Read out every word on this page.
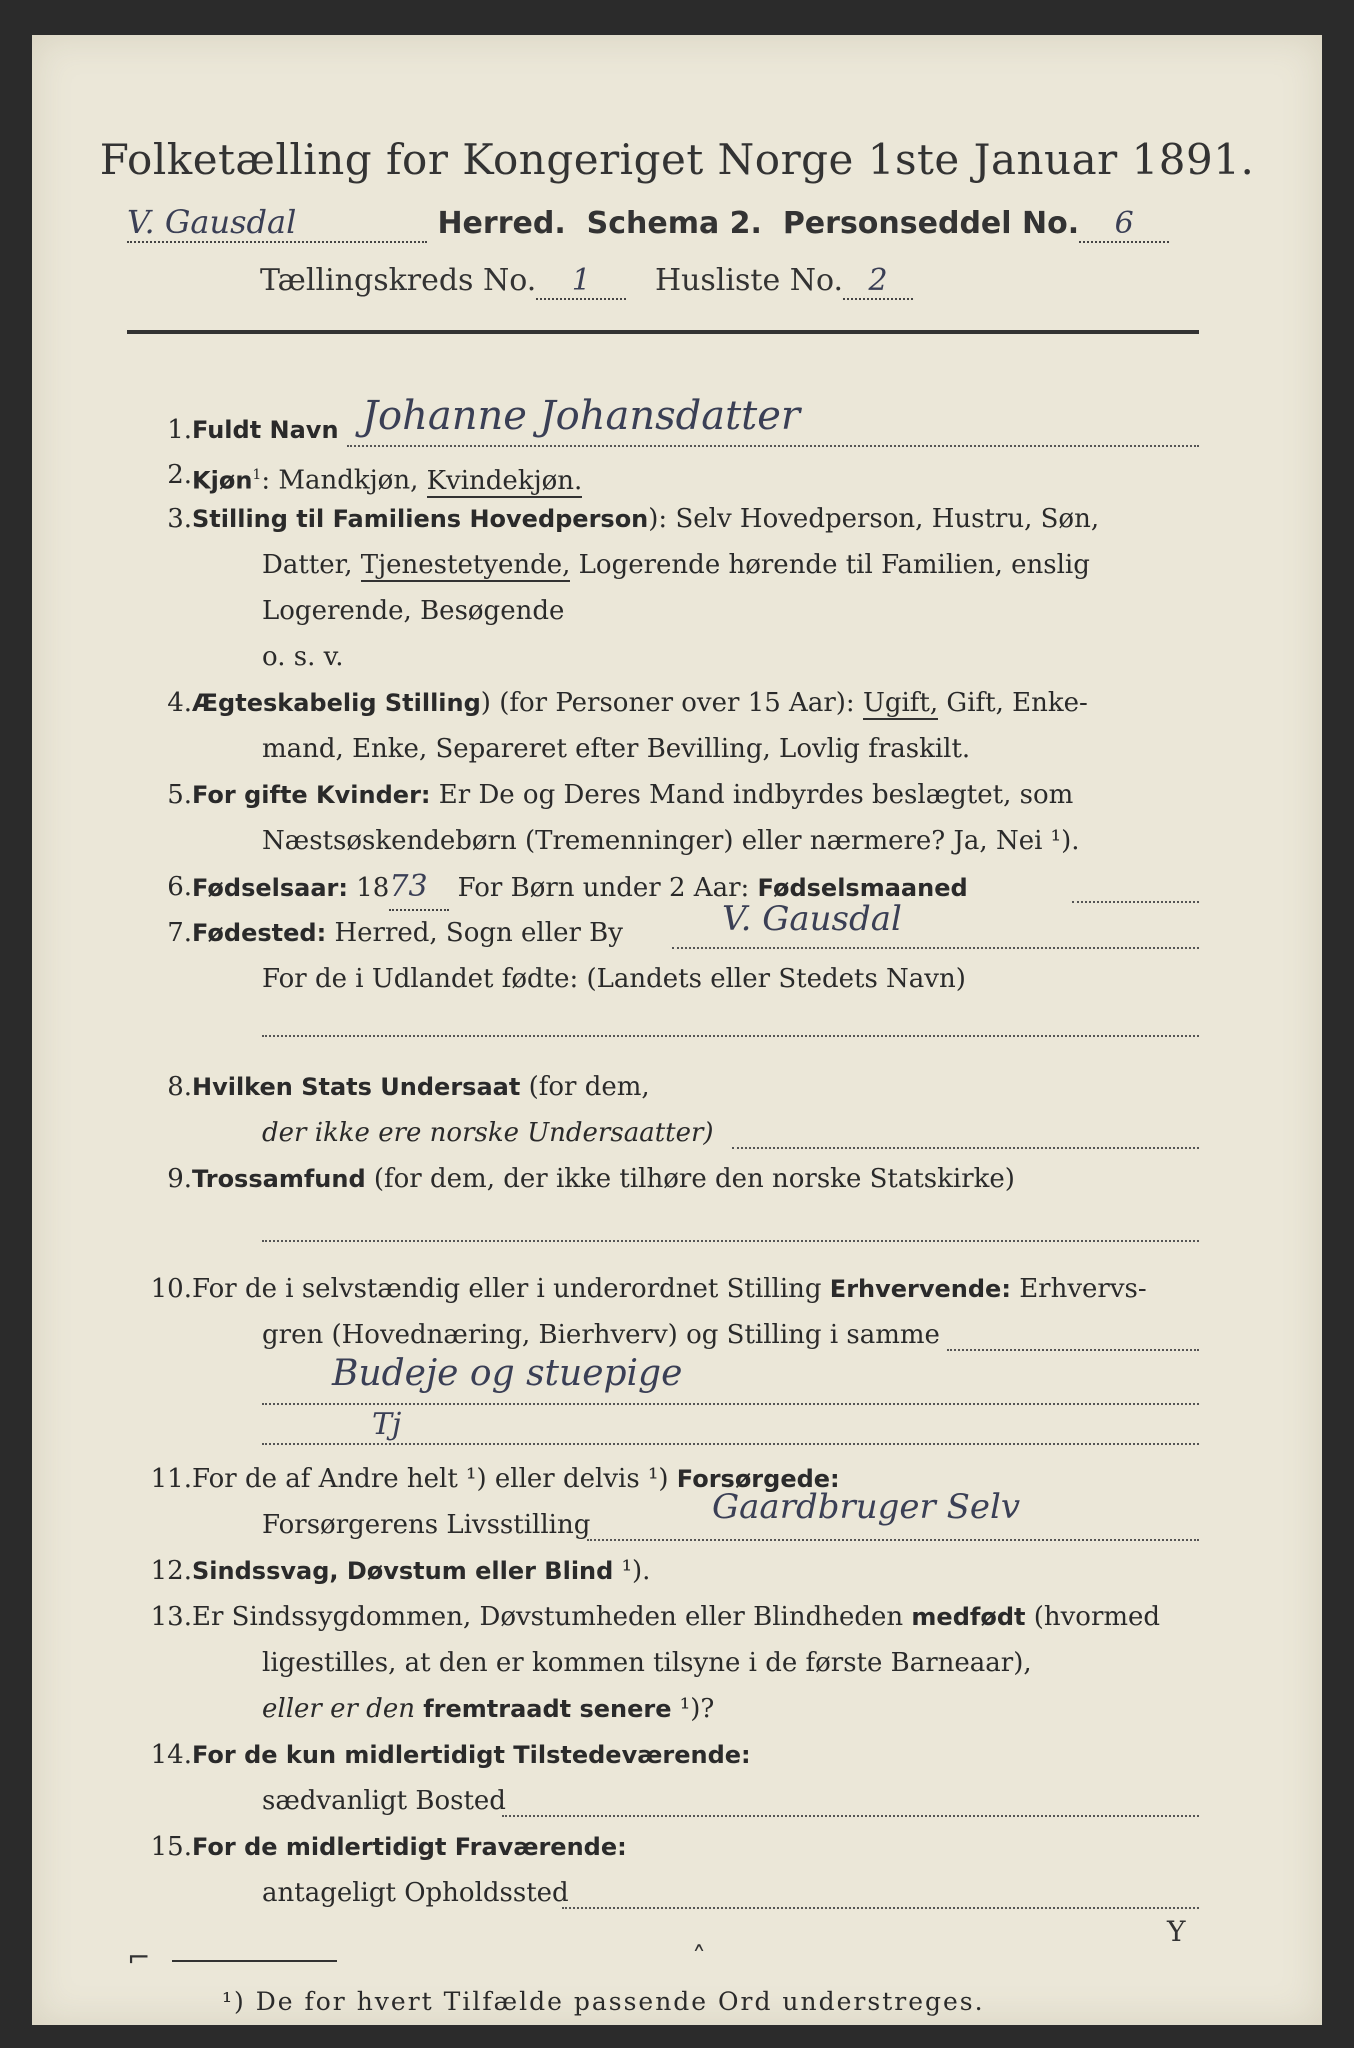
Folketælling for Kongeriget Norge 1ste Januar 1891.
V. Gausdal	Herred. Schema 2. Personseddel No. 6
Tællingskreds No. 1 Husliste No. 2
1. Fuldt Navn Johanne Johansdatter
2. Kjøn$^1$: Mandkjøn, Kvindekjøn.
3. Stilling til Familiens Hovedperson): Selv Hovedperson, Hustru, Søn,
Datter, Tjenestetyende, Logerende hørende til Familien, enslig
Logerende, Besøgende
o. s. v.
4. Ægteskabelig Stilling) (for Personer over 15 Aar): Ugift, Gift, Enke-
mand, Enke, Separeret efter Bevilling, Lovlig fraskilt.
5. For gifte Kvinder: Er De og Deres Mand indbyrdes beslægtet, som
Næstsøskendebørn (Tremenninger) eller nærmere? Ja, Nei ¹).
6. Fødselsaar: 1873 For Børn under 2 Aar: Fødselsmaaned
7. Fødested: Herred, Sogn eller By	V. Gausdal
For de i Udlandet fødte: (Landets eller Stedets Navn)
8. Hvilken Stats Undersaat (for dem,
der ikke ere norske Undersaatter)
9. Trossamfund (for dem, der ikke tilhøre den norske Statskirke)
10. For de i selvstændig eller i underordnet Stilling Erhvervende: Erhvervs-
gren (Hovednæring, Bierhverv) og Stilling i samme
Budeje og stuepige
Tj
11. For de af Andre helt ¹) eller delvis ¹) Forsørgede:
Forsørgerens Livsstilling	Gaardbruger Selv
12. Sindssvag, Døvstum eller Blind ¹).
13. Er Sindssygdommen, Døvstumheden eller Blindheden medfødt (hvormed
ligestilles, at den er kommen tilsyne i de første Barneaar),
eller er den fremtraadt senere ¹)?
14. For de kun midlertidigt Tilstedeværende:
sædvanligt Bosted
15. For de midlertidigt Fraværende:
antageligt Opholdssted
¹) De for hvert Tilfælde passende Ord understreges.
⌐	˄
Y
